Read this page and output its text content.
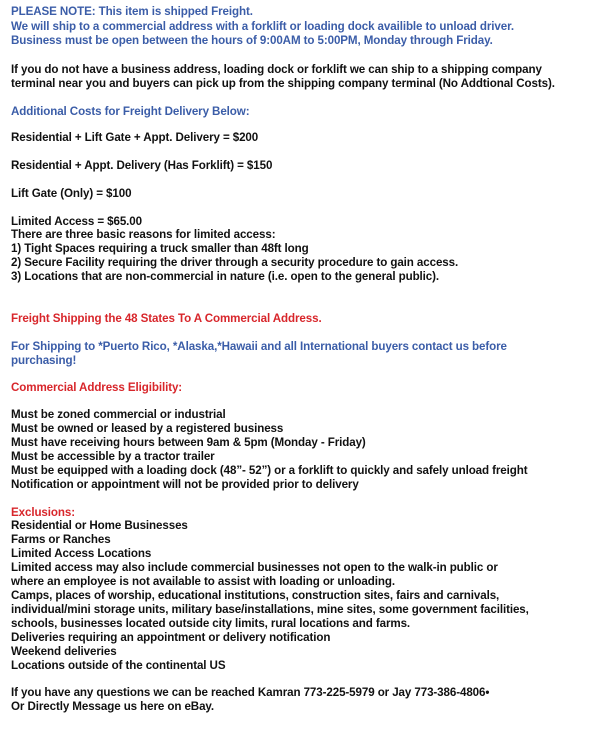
PLEASE NOTE: This item is shipped Freight.
We will ship to a commercial address with a forklift or loading dock availible to unload driver.
Business must be open between the hours of 9:00AM to 5:00PM, Monday through Friday.
If you do not have a business address, loading dock or forklift we can ship to a shipping company
terminal near you and buyers can pick up from the shipping company terminal (No Addtional Costs).
Additional Costs for Freight Delivery Below:
Residential + Lift Gate + Appt. Delivery = $200
Residential + Appt. Delivery (Has Forklift) = $150
Lift Gate (Only) = $100
Limited Access = $65.00
There are three basic reasons for limited access:
1) Tight Spaces requiring a truck smaller than 48ft long
2) Secure Facility requiring the driver through a security procedure to gain access.
3) Locations that are non-commercial in nature (i.e. open to the general public).
Freight Shipping the 48 States To A Commercial Address.
For Shipping to *Puerto Rico, *Alaska,*Hawaii and all International buyers contact us before
purchasing!
Commercial Address Eligibility:
Must be zoned commercial or industrial
Must be owned or leased by a registered business
Must have receiving hours between 9am & 5pm (Monday - Friday)
Must be accessible by a tractor trailer
Must be equipped with a loading dock (48”- 52”) or a forklift to quickly and safely unload freight
Notification or appointment will not be provided prior to delivery
Exclusions:
Residential or Home Businesses
Farms or Ranches
Limited Access Locations
Limited access may also include commercial businesses not open to the walk-in public or
where an employee is not available to assist with loading or unloading.
Camps, places of worship, educational institutions, construction sites, fairs and carnivals,
individual/mini storage units, military base/installations, mine sites, some government facilities,
schools, businesses located outside city limits, rural locations and farms.
Deliveries requiring an appointment or delivery notification
Weekend deliveries
Locations outside of the continental US
If you have any questions we can be reached Kamran 773-225-5979 or Jay 773-386-4806•
Or Directly Message us here on eBay.
